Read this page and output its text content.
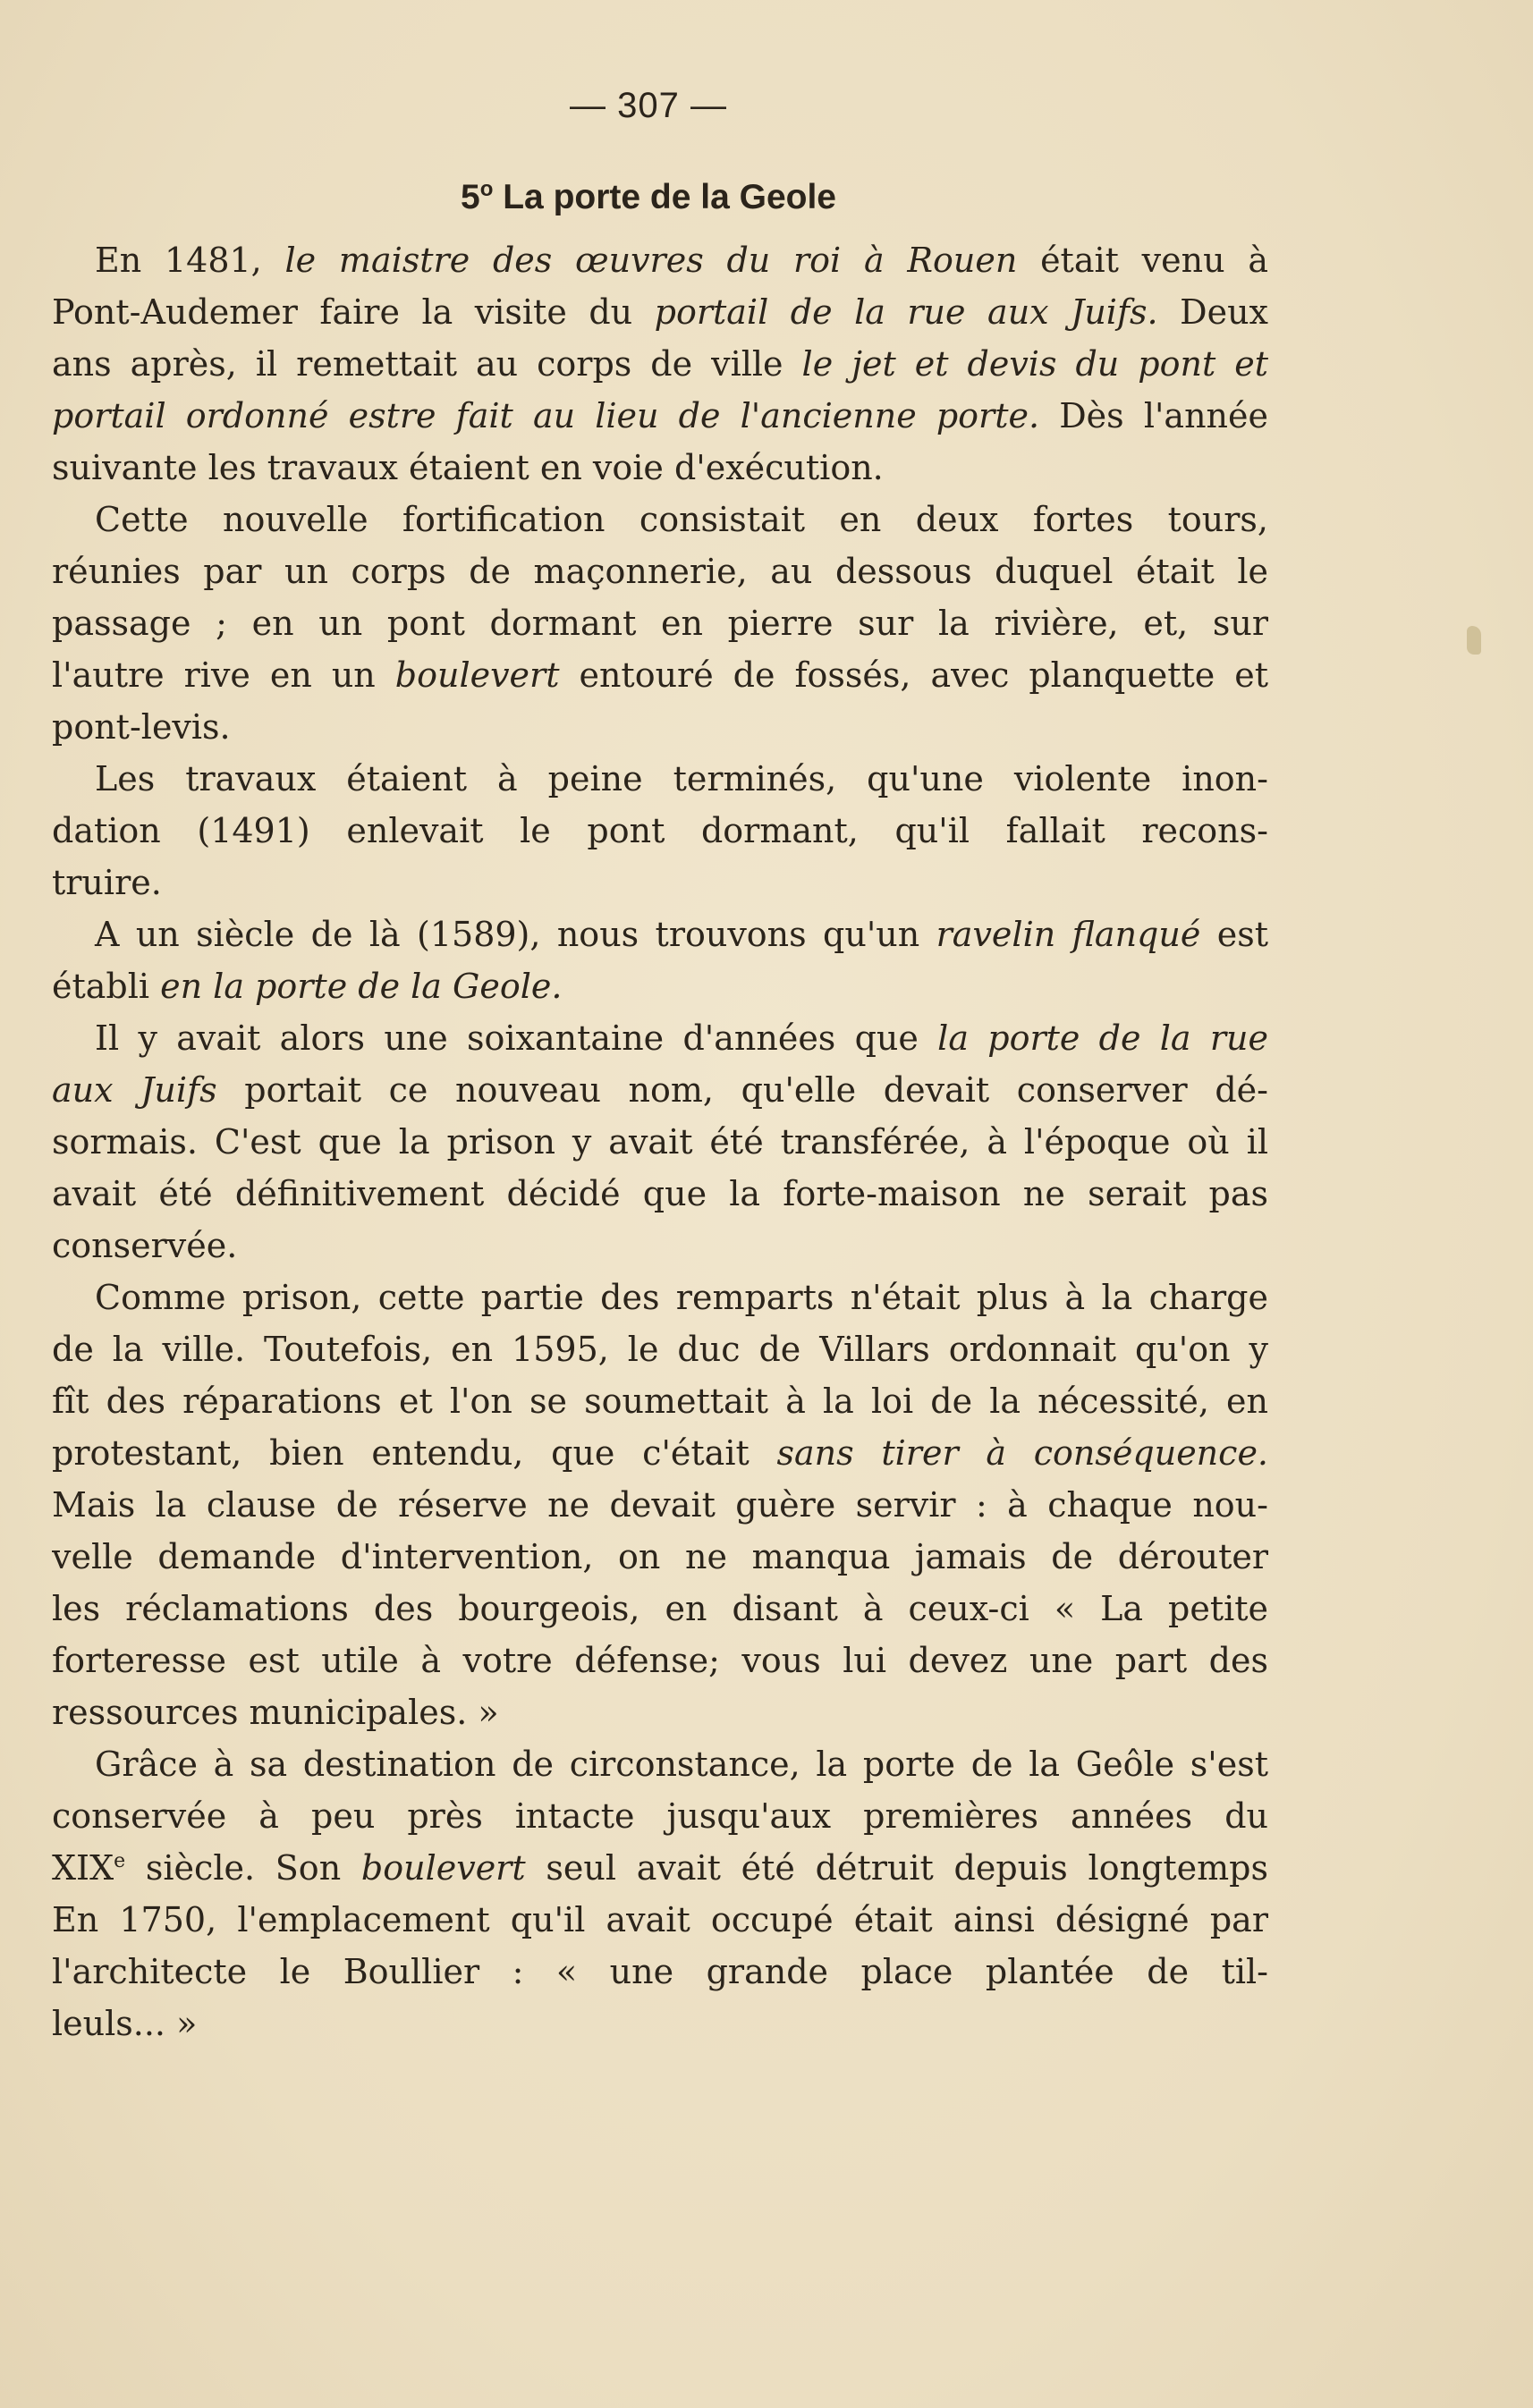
— 307 —
5$^o$ La porte de la Geole
En 1481, le maistre des œuvres du roi à Rouen était venu à
Pont-Audemer faire la visite du portail de la rue aux Juifs. Deux
ans après, il remettait au corps de ville le jet et devis du pont et
portail ordonné estre fait au lieu de l'ancienne porte. Dès l'année
suivante les travaux étaient en voie d'exécution.
Cette nouvelle fortification consistait en deux fortes tours,
réunies par un corps de maçonnerie, au dessous duquel était le
passage ; en un pont dormant en pierre sur la rivière, et, sur
l'autre rive en un boulevert entouré de fossés, avec planquette et
pont-levis.
Les travaux étaient à peine terminés, qu'une violente inon-
dation (1491) enlevait le pont dormant, qu'il fallait recons-
truire.
A un siècle de là (1589), nous trouvons qu'un ravelin flanqué est
établi en la porte de la Geole.
Il y avait alors une soixantaine d'années que la porte de la rue
aux Juifs portait ce nouveau nom, qu'elle devait conserver dé-
sormais. C'est que la prison y avait été transférée, à l'époque où il
avait été définitivement décidé que la forte-maison ne serait pas
conservée.
Comme prison, cette partie des remparts n'était plus à la charge
de la ville. Toutefois, en 1595, le duc de Villars ordonnait qu'on y
fît des réparations et l'on se soumettait à la loi de la nécessité, en
protestant, bien entendu, que c'était sans tirer à conséquence.
Mais la clause de réserve ne devait guère servir : à chaque nou-
velle demande d'intervention, on ne manqua jamais de dérouter
les réclamations des bourgeois, en disant à ceux-ci « La petite
forteresse est utile à votre défense; vous lui devez une part des
ressources municipales. »
Grâce à sa destination de circonstance, la porte de la Geôle s'est
conservée à peu près intacte jusqu'aux premières années du
XIXe siècle. Son boulevert seul avait été détruit depuis longtemps
En 1750, l'emplacement qu'il avait occupé était ainsi désigné par
l'architecte le Boullier : « une grande place plantée de til-
leuls... »
